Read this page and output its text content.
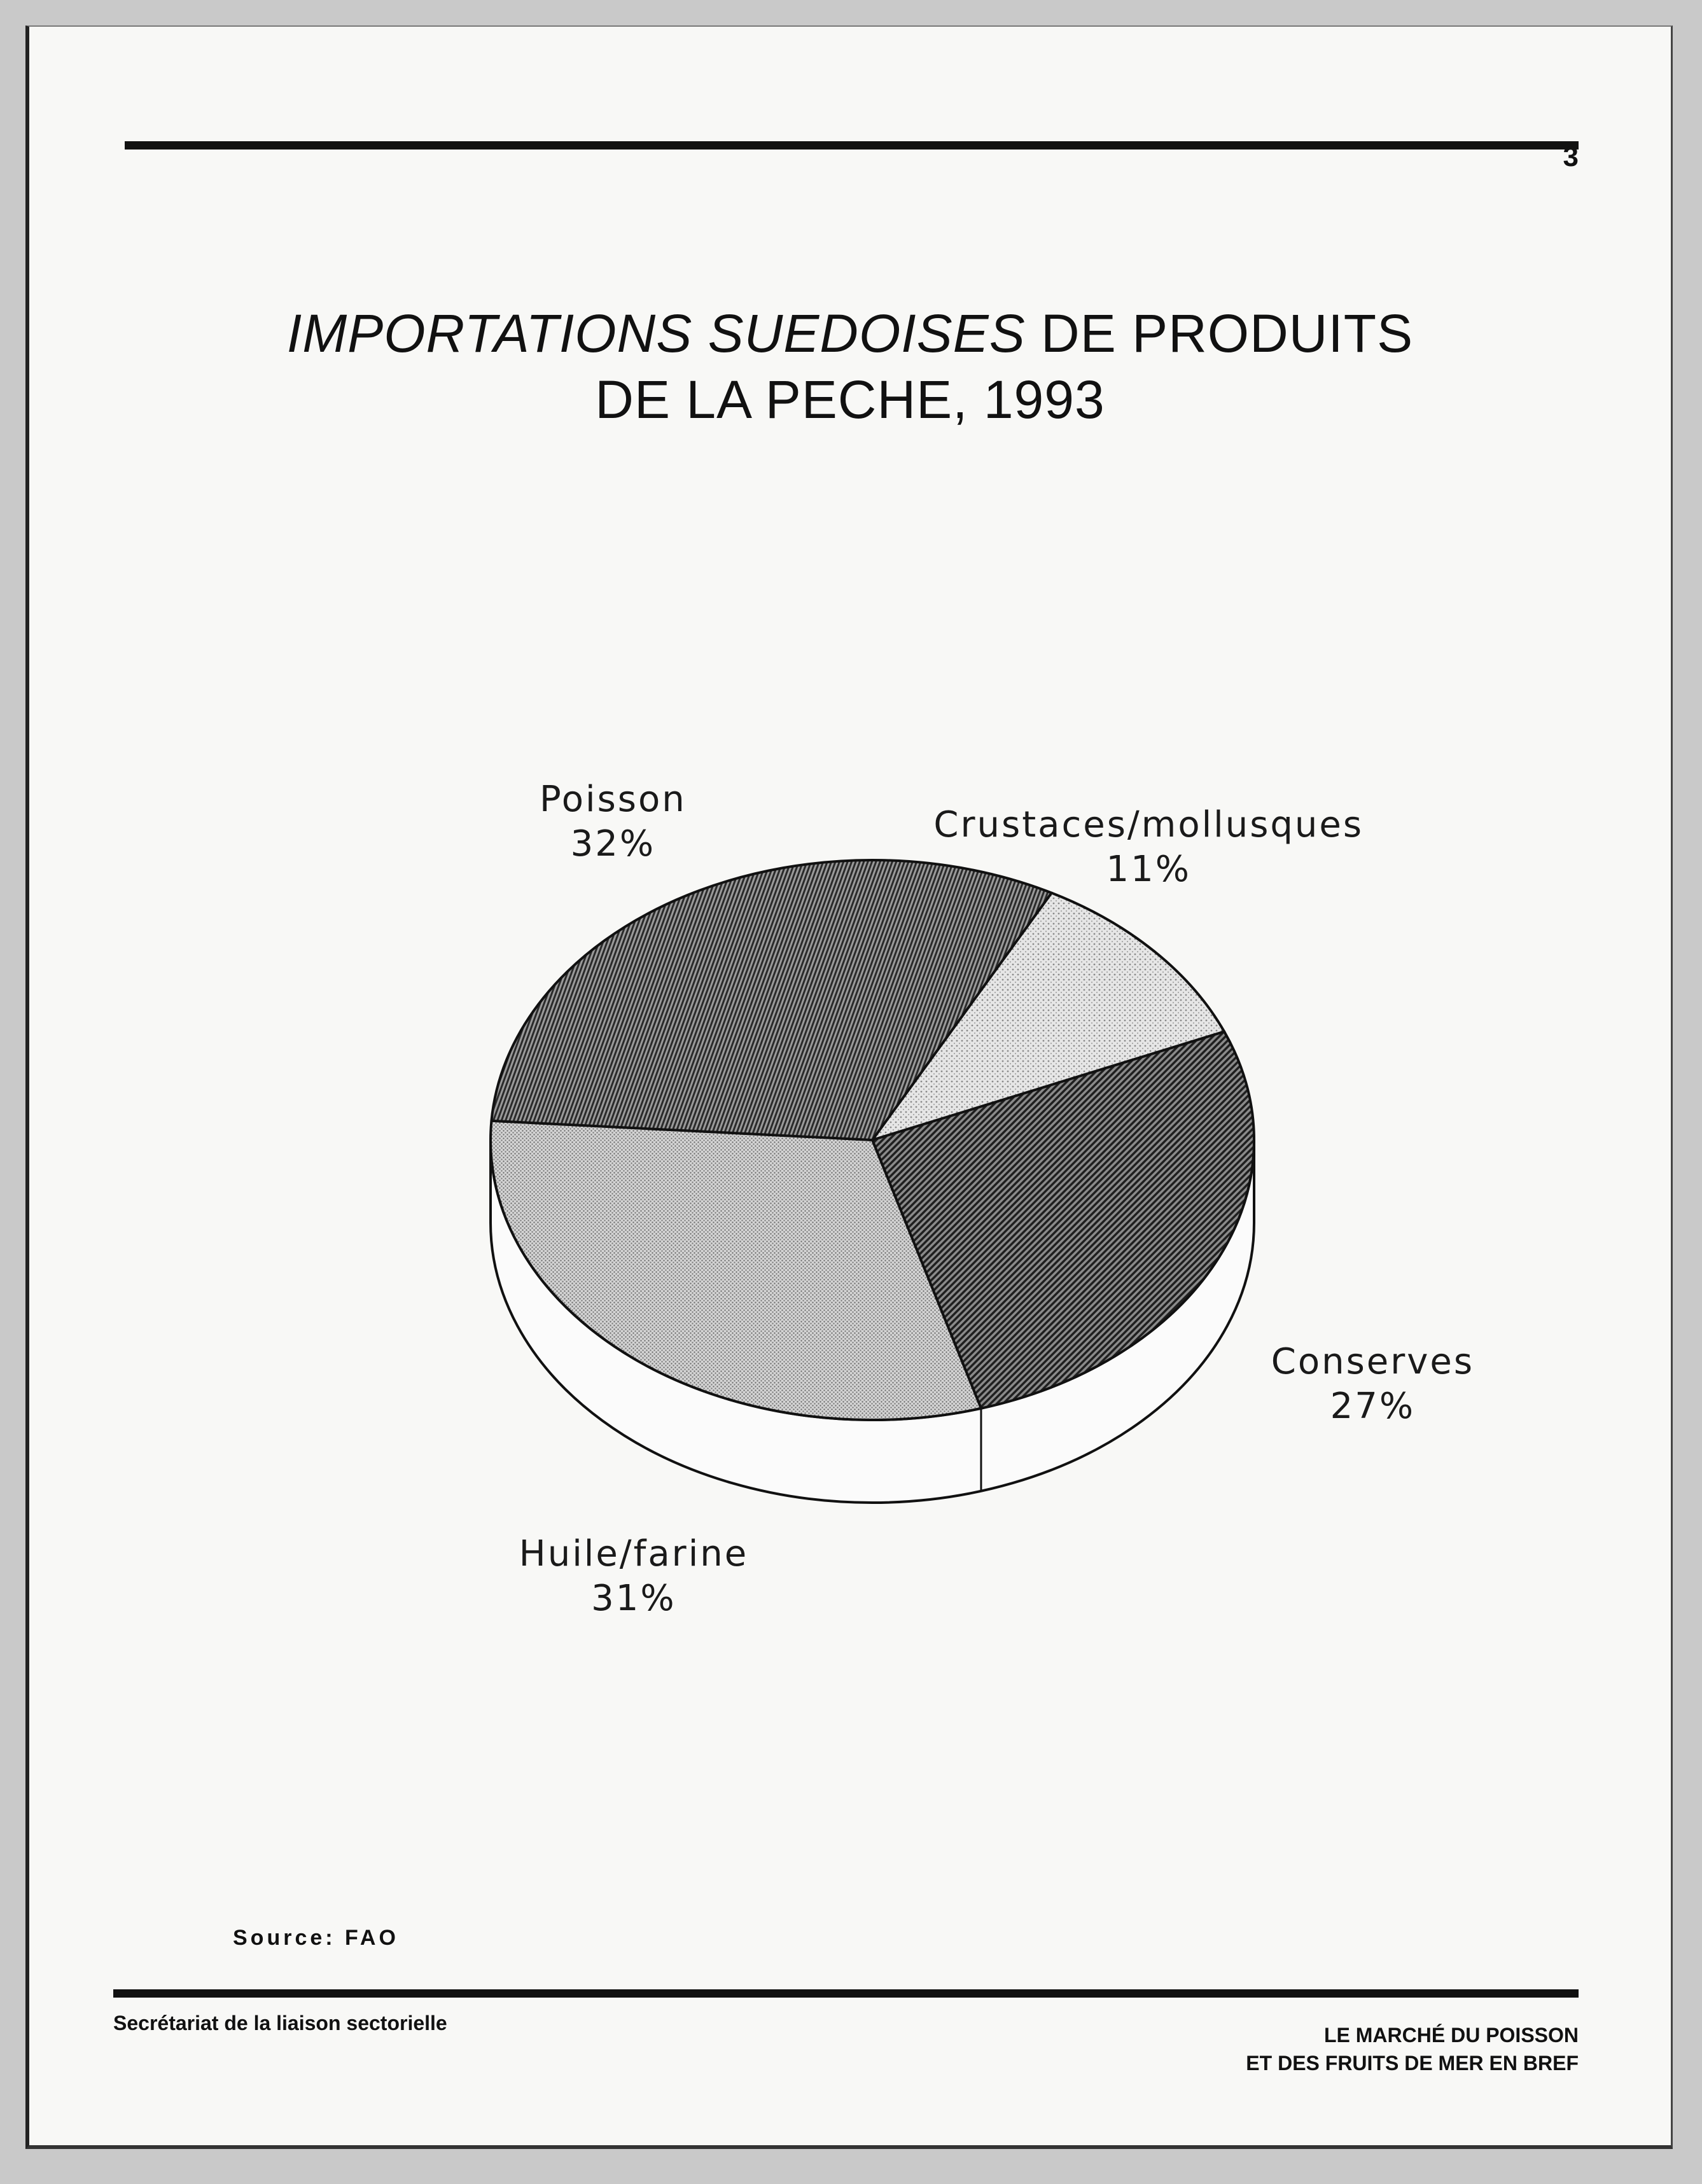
3
IMPORTATIONS SUEDOISES DE PRODUITS
DE LA PECHE, 1993
Crustaces/mollusques
11%
Conserves
27%
Huile/farine
31%
Poisson
32%
Source: FAO
Secrétariat de la liaison sectorielle
LE MARCHÉ DU POISSON
ET DES FRUITS DE MER EN BREF
